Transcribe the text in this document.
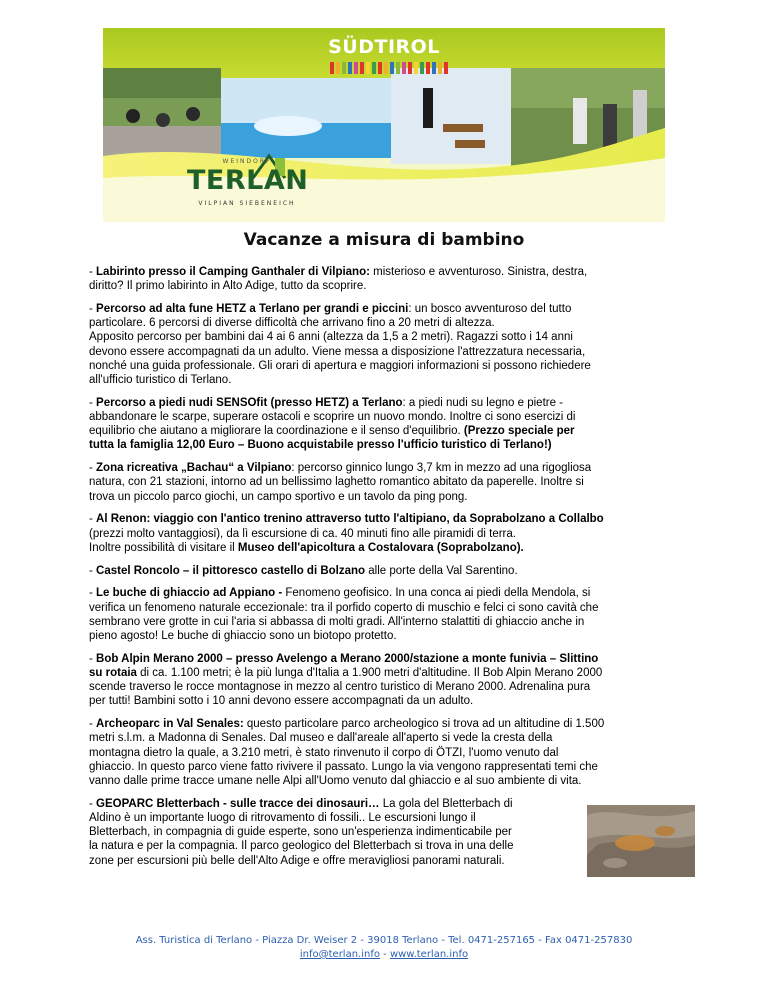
SÜDTIROL
WEINDORF
TERLAN
VILPIAN SIEBENEICH
Vacanze a misura di bambino
- Labirinto presso il Camping Ganthaler di Vilpiano: misterioso e avventuroso. Sinistra, destra,
diritto? Il primo labirinto in Alto Adige, tutto da scoprire.
- Percorso ad alta fune HETZ a Terlano per grandi e piccini: un bosco avventuroso del tutto
particolare. 6 percorsi di diverse difficoltà che arrivano fino a 20 metri di altezza.
Apposito percorso per bambini dai 4 ai 6 anni (altezza da 1,5 a 2 metri). Ragazzi sotto i 14 anni
devono essere accompagnati da un adulto. Viene messa a disposizione l'attrezzatura necessaria,
nonché una guida professionale. Gli orari di apertura e maggiori informazioni si possono richiedere
all'ufficio turistico di Terlano.
- Percorso a piedi nudi SENSOfit (presso HETZ) a Terlano: a piedi nudi su legno e pietre -
abbandonare le scarpe, superare ostacoli e scoprire un nuovo mondo. Inoltre ci sono esercizi di
equilibrio che aiutano a migliorare la coordinazione e il senso d'equilibrio. (Prezzo speciale per
tutta la famiglia 12,00 Euro – Buono acquistabile presso l'ufficio turistico di Terlano!)
- Zona ricreativa „Bachau“ a Vilpiano: percorso ginnico lungo 3,7 km in mezzo ad una rigogliosa
natura, con 21 stazioni, intorno ad un bellissimo laghetto romantico abitato da paperelle. Inoltre si
trova un piccolo parco giochi, un campo sportivo e un tavolo da ping pong.
- Al Renon: viaggio con l'antico trenino attraverso tutto l'altipiano, da Soprabolzano a Collalbo
(prezzi molto vantaggiosi), da lì escursione di ca. 40 minuti fino alle piramidi di terra.
Inoltre possibilità di visitare il Museo dell'apicoltura a Costalovara (Soprabolzano).
- Castel Roncolo – il pittoresco castello di Bolzano alle porte della Val Sarentino.
- Le buche di ghiaccio ad Appiano - Fenomeno geofisico. In una conca ai piedi della Mendola, si
verifica un fenomeno naturale eccezionale: tra il porfido coperto di muschio e felci ci sono cavità che
sembrano vere grotte in cui l'aria si abbassa di molti gradi. All'interno stalattiti di ghiaccio anche in
pieno agosto! Le buche di ghiaccio sono un biotopo protetto.
- Bob Alpin Merano 2000 – presso Avelengo a Merano 2000/stazione a monte funivia – Slittino
su rotaia di ca. 1.100 metri; è la più lunga d'Italia a 1.900 metri d'altitudine. Il Bob Alpin Merano 2000
scende traverso le rocce montagnose in mezzo al centro turistico di Merano 2000. Adrenalina pura
per tutti! Bambini sotto i 10 anni devono essere accompagnati da un adulto.
- Archeoparc in Val Senales: questo particolare parco archeologico si trova ad un altitudine di 1.500
metri s.l.m. a Madonna di Senales. Dal museo e dall'areale all'aperto si vede la cresta della
montagna dietro la quale, a 3.210 metri, è stato rinvenuto il corpo di ÖTZI, l'uomo venuto dal
ghiaccio. In questo parco viene fatto rivivere il passato. Lungo la via vengono rappresentati temi che
vanno dalle prime tracce umane nelle Alpi all'Uomo venuto dal ghiaccio e al suo ambiente di vita.
- GEOPARC Bletterbach - sulle tracce dei dinosauri… La gola del Bletterbach di
Aldino è un importante luogo di ritrovamento di fossili.. Le escursioni lungo il
Bletterbach, in compagnia di guide esperte, sono un'esperienza indimenticabile per
la natura e per la compagnia. Il parco geologico del Bletterbach si trova in una delle
zone per escursioni più belle dell'Alto Adige e offre meravigliosi panorami naturali.
Ass. Turistica di Terlano - Piazza Dr. Weiser 2 - 39018 Terlano - Tel. 0471-257165 - Fax 0471-257830
info@terlan.info - www.terlan.info
